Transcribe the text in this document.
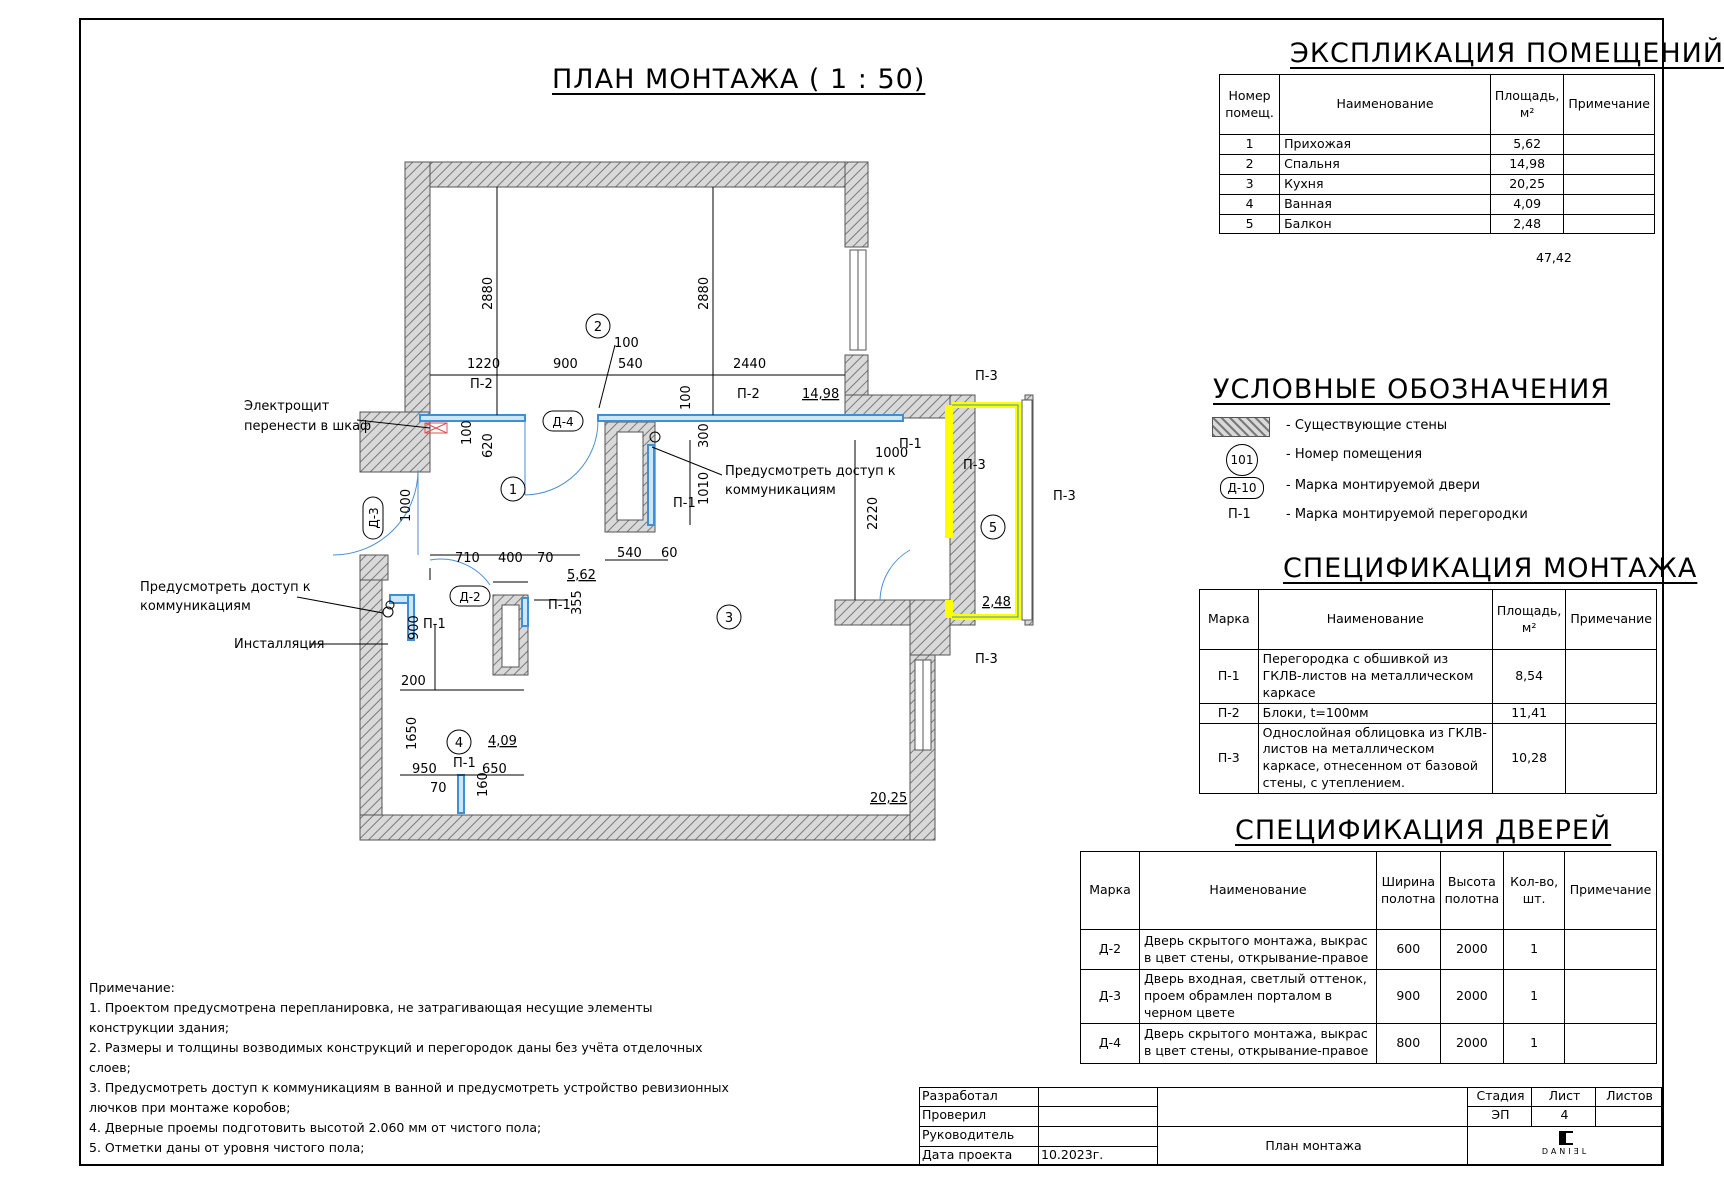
ПЛАН МОНТАЖА ( 1 : 50)
2880	2880
1220	900
100
540	2440
100
620
100	300
1010
1000	2220
1000
710 400 70	540 60
900
355
200
1650
950	650
70 160
П-2
П-2
П-1
П-1
П-1
П-1
П-1
П-3
П-3
П-3
П-3
2
1
3
4
5
5,62
14,98
20,25
4,09
2,48
Д-4
Д-2
Д-3
Электрощит
перенести в шкаф
Предусмотреть доступ к
коммуникациям
Предусмотреть доступ к
коммуникациям
Инсталляция
ЭКСПЛИКАЦИЯ ПОМЕЩЕНИЙ
Номер помещ.	Наименование	Площадь, м²	Примечание
1	Прихожая	5,62	
2	Спальня	14,98	
3	Кухня	20,25	
4	Ванная	4,09	
5	Балкон	2,48	
47,42
УСЛОВНЫЕ ОБОЗНАЧЕНИЯ
- Существующие стены
101	- Номер помещения
Д-10	- Марка монтируемой двери
П-1	- Марка монтируемой перегородки
СПЕЦИФИКАЦИЯ МОНТАЖА
Марка	Наименование	Площадь, м²	Примечание
П-1	Перегородка с обшивкой из ГКЛВ-листов на металлическом каркасе	8,54	
П-2	Блоки, t=100мм	11,41	
П-3	Однослойная облицовка из ГКЛВ-листов на металлическом каркасе, отнесенном от базовой стены, с утеплением.	10,28	
СПЕЦИФИКАЦИЯ ДВЕРЕЙ
Марка	Наименование	Ширина полотна	Высота полотна	Кол-во, шт.	Примечание
Д-2	Дверь скрытого монтажа, выкрас в цвет стены, открывание-правое	600	2000	1	
Д-3	Дверь входная, светлый оттенок, проем обрамлен порталом в черном цвете	900	2000	1	
Д-4	Дверь скрытого монтажа, выкрас в цвет стены, открывание-правое	800	2000	1	
Примечание:
1. Проектом предусмотрена перепланировка, не затрагивающая несущие элементы конструкции здания;
2. Размеры и толщины возводимых конструкций и перегородок даны без учёта отделочных слоев;
3. Предусмотреть доступ к коммуникациям в ванной и предусмотреть устройство ревизионных лючков при монтаже коробов;
4. Дверные проемы подготовить высотой 2.060 мм от чистого пола;
5. Отметки даны от уровня чистого пола;
Разработал
Проверил
Руководитель
Дата проекта	10.2023г.
План монтажа
Стадия	Лист	Листов
ЭП	4
DANIƎL
